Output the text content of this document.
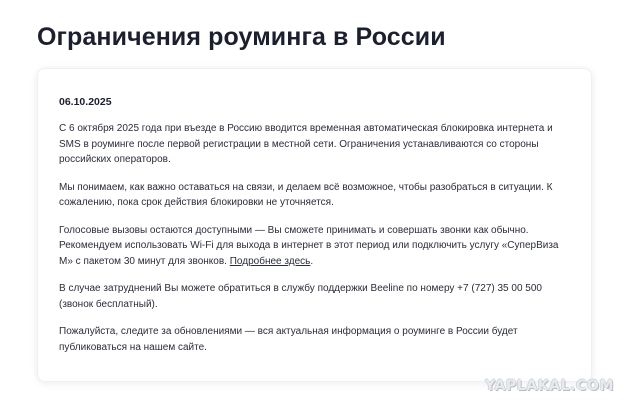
Ограничения роуминга в России
06.10.2025

С 6 октября 2025 года при въезде в Россию вводится временная автоматическая блокировка интернета и SMS в роуминге после первой регистрации в местной сети. Ограничения устанавливаются со стороны российских операторов.

Мы понимаем, как важно оставаться на связи, и делаем всё возможное, чтобы разобраться в ситуации. К сожалению, пока срок действия блокировки не уточняется.

Голосовые вызовы остаются доступными — Вы сможете принимать и совершать звонки как обычно. Рекомендуем использовать Wi-Fi для выхода в интернет в этот период или подключить услугу «СуперВиза М» с пакетом 30 минут для звонков. Подробнее здесь.

В случае затруднений Вы можете обратиться в службу поддержки Beeline по номеру +7 (727) 35 00 500 (звонок бесплатный).

Пожалуйста, следите за обновлениями — вся актуальная информация о роуминге в России будет публиковаться на нашем сайте.

YAPLAKAL.COM
